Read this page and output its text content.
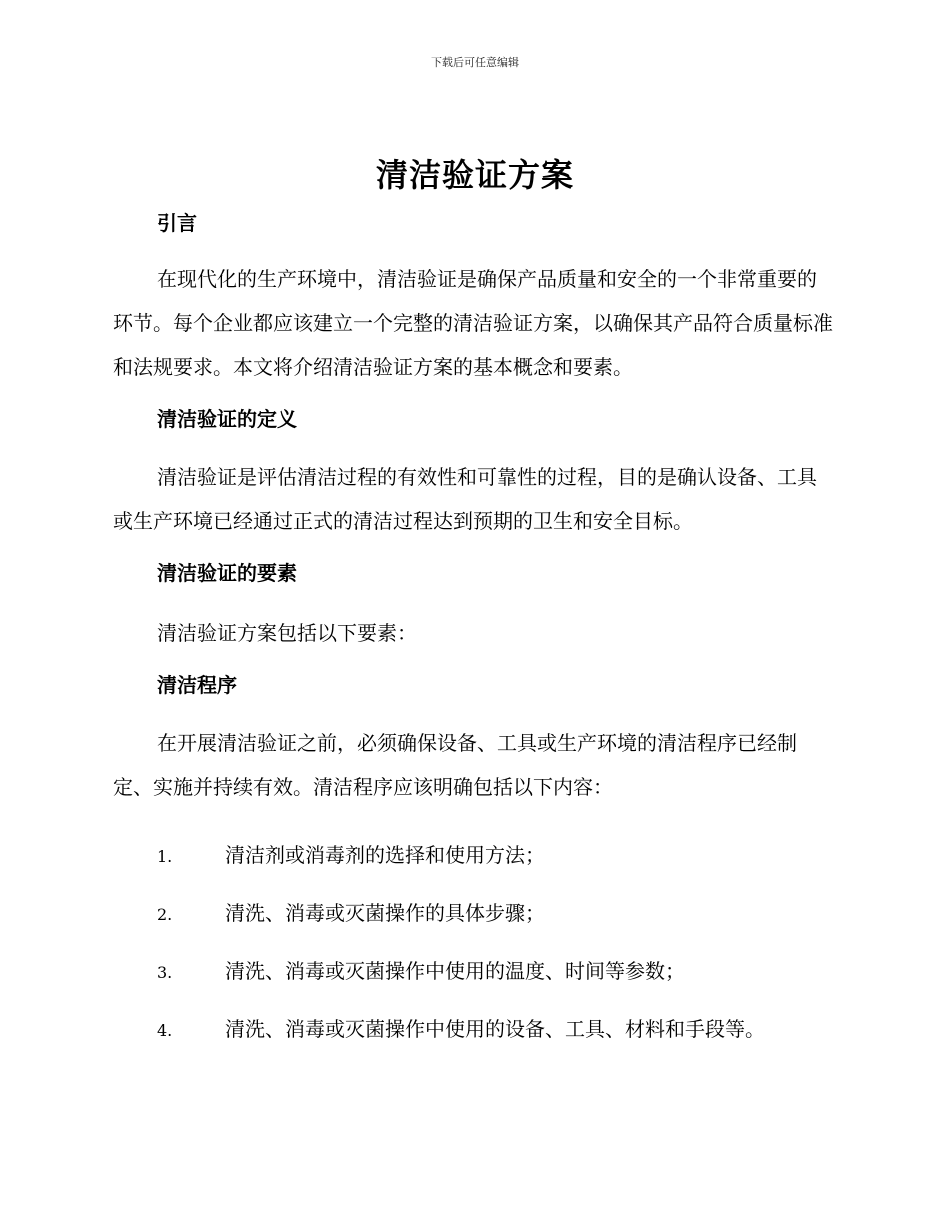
下载后可任意编辑
清洁验证方案

引言

在现代化的生产环境中，清洁验证是确保产品质量和安全的一个非常重要的环节。每个企业都应该建立一个完整的清洁验证方案，以确保其产品符合质量标准和法规要求。本文将介绍清洁验证方案的基本概念和要素。

清洁验证的定义

清洁验证是评估清洁过程的有效性和可靠性的过程，目的是确认设备、工具或生产环境已经通过正式的清洁过程达到预期的卫生和安全目标。

清洁验证的要素

清洁验证方案包括以下要素：

清洁程序

在开展清洁验证之前，必须确保设备、工具或生产环境的清洁程序已经制定、实施并持续有效。清洁程序应该明确包括以下内容：

1.	清洁剂或消毒剂的选择和使用方法；
2.	清洗、消毒或灭菌操作的具体步骤；
3.	清洗、消毒或灭菌操作中使用的温度、时间等参数；
4.	清洗、消毒或灭菌操作中使用的设备、工具、材料和手段等。
